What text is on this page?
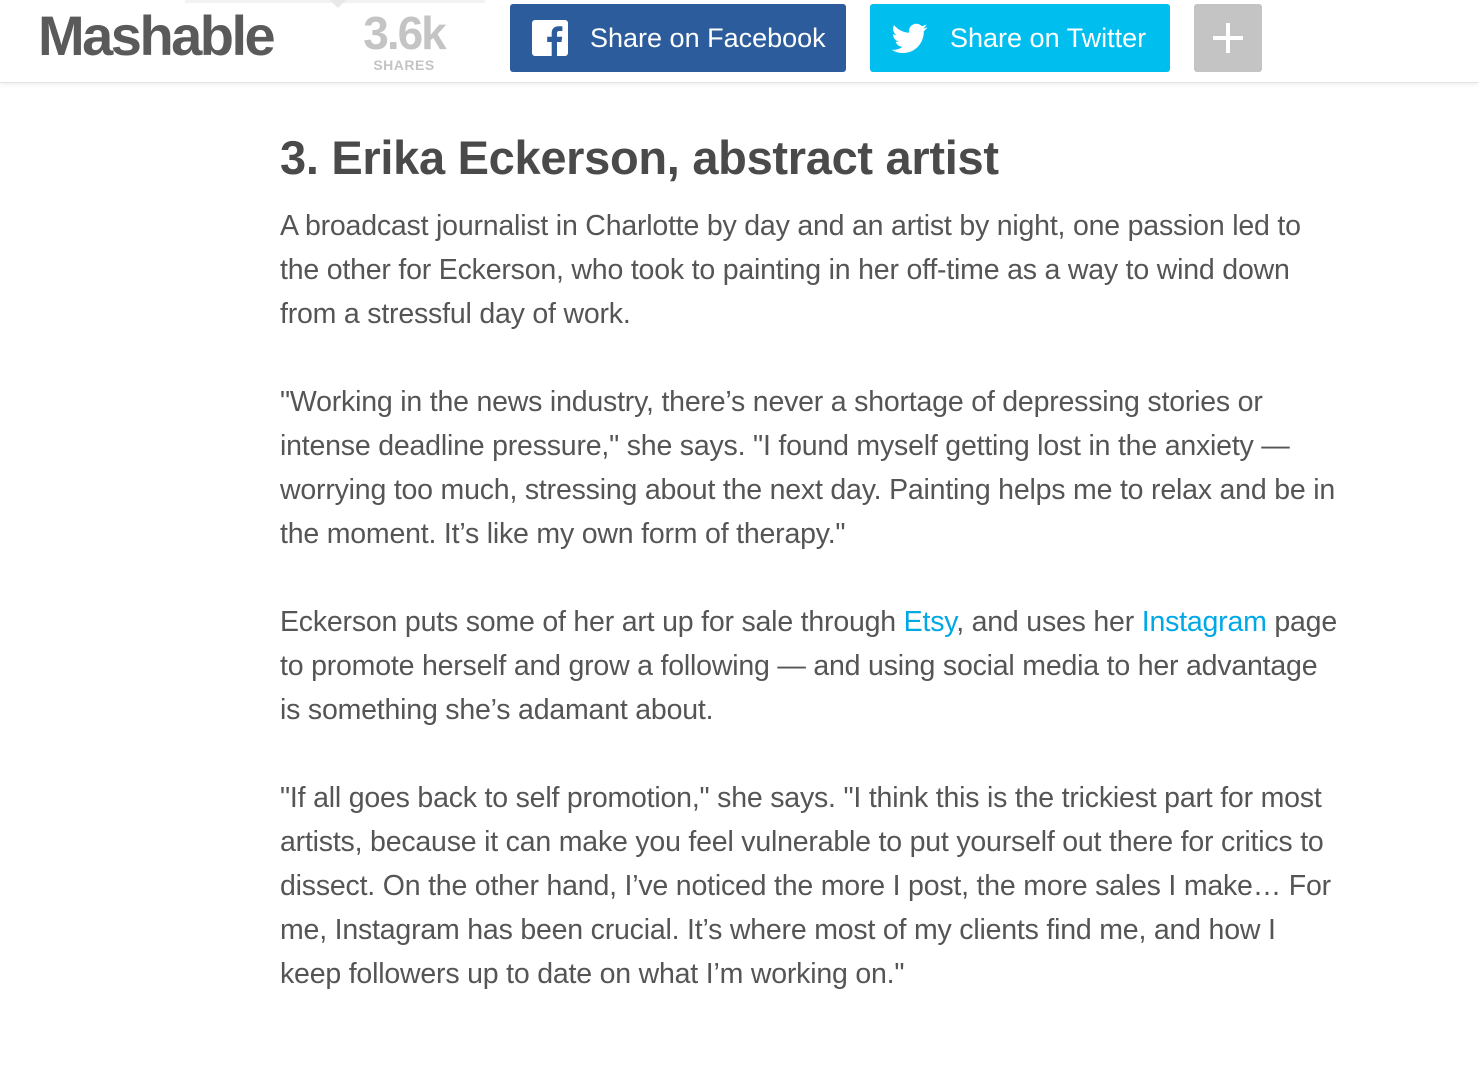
Mashable 3.6k
SHARES
Share on Facebook	Share on Twitter
3. Erika Eckerson, abstract artist

A broadcast journalist in Charlotte by day and an artist by night, one passion led to the other for Eckerson, who took to painting in her off-time as a way to wind down from a stressful day of work.

"Working in the news industry, there’s never a shortage of depressing stories or intense deadline pressure," she says. "I found myself getting lost in the anxiety — worrying too much, stressing about the next day. Painting helps me to relax and be in the moment. It’s like my own form of therapy."

Eckerson puts some of her art up for sale through Etsy, and uses her Instagram page to promote herself and grow a following — and using social media to her advantage is something she’s adamant about.

"If all goes back to self promotion," she says. "I think this is the trickiest part for most artists, because it can make you feel vulnerable to put yourself out there for critics to dissect. On the other hand, I’ve noticed the more I post, the more sales I make… For me, Instagram has been crucial. It’s where most of my clients find me, and how I keep followers up to date on what I’m working on."
